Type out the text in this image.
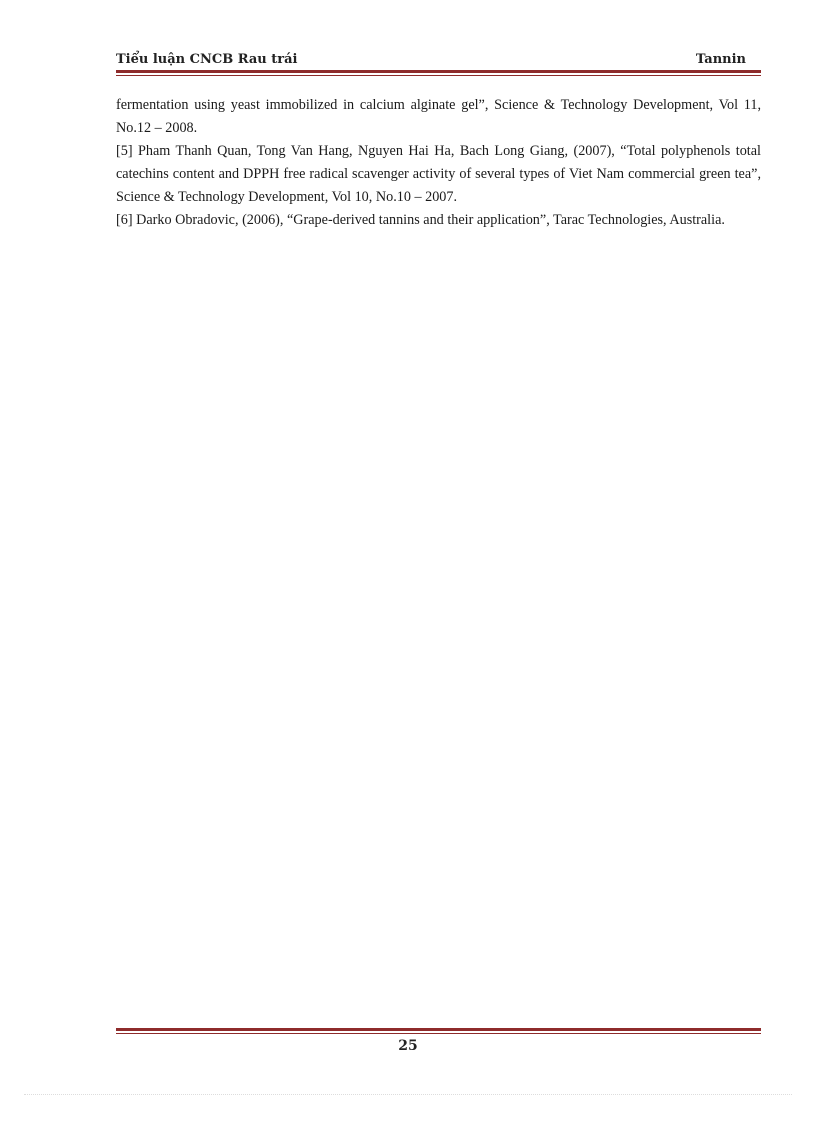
Tiểu luận CNCB Rau trái	Tannin

fermentation using yeast immobilized in calcium alginate gel”, Science & Technology Development, Vol 11, No.12 – 2008.

[5] Pham Thanh Quan, Tong Van Hang, Nguyen Hai Ha, Bach Long Giang, (2007), “Total polyphenols total catechins content and DPPH free radical scavenger activity of several types of Viet Nam commercial green tea”, Science & Technology Development, Vol 10, No.10 – 2007.

[6] Darko Obradovic, (2006), “Grape-derived tannins and their application”, Tarac Technologies, Australia.

25
